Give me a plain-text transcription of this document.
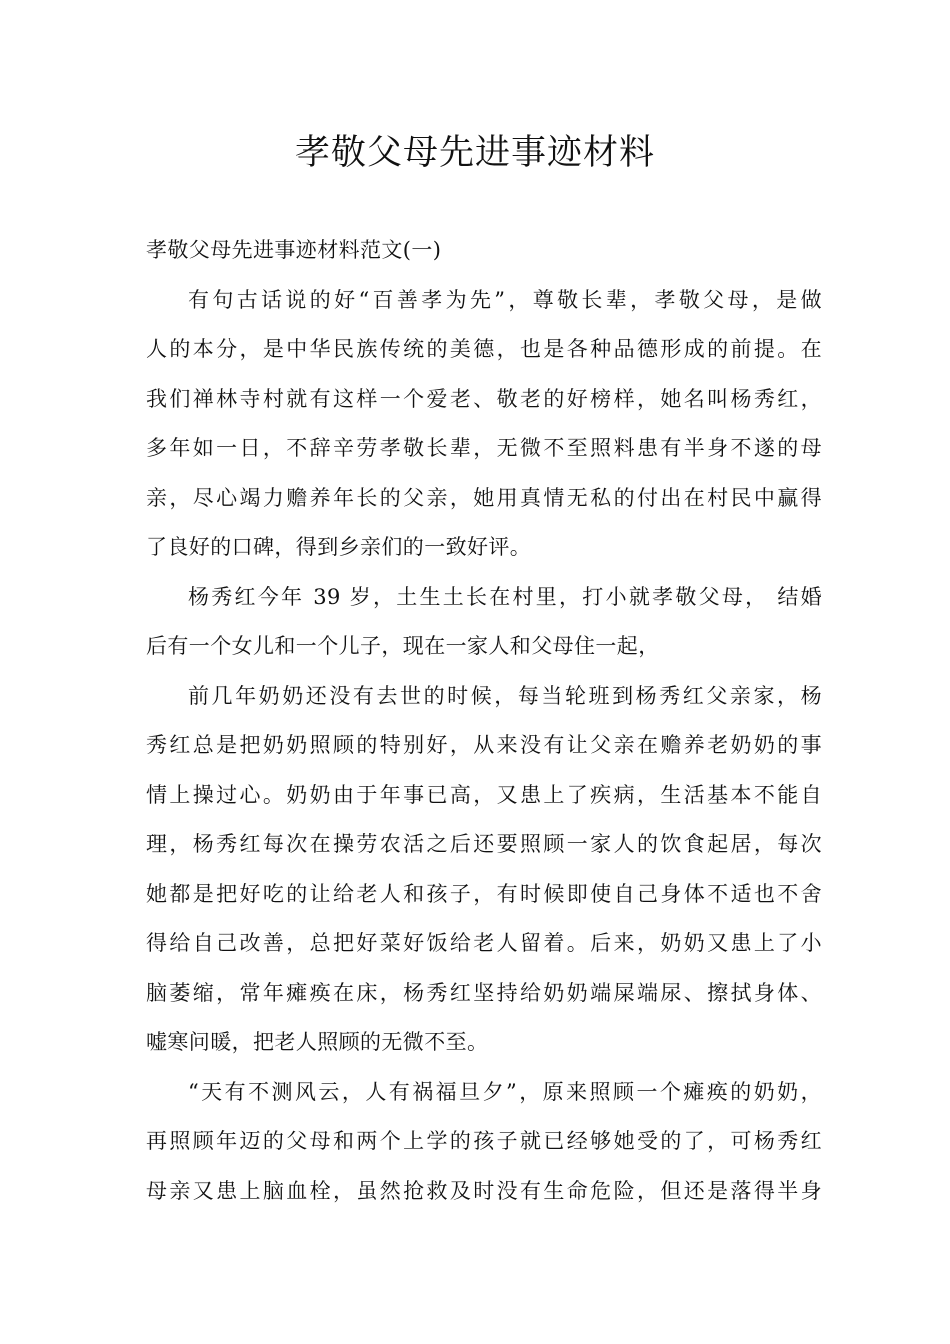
孝敬父母先进事迹材料
孝敬父母先进事迹材料范文(一)
有句古话说的好“百善孝为先”，尊敬长辈，孝敬父母，是做
人的本分，是中华民族传统的美德，也是各种品德形成的前提。在
我们禅林寺村就有这样一个爱老、敬老的好榜样，她名叫杨秀红，
多年如一日，不辞辛劳孝敬长辈，无微不至照料患有半身不遂的母
亲，尽心竭力赡养年长的父亲，她用真情无私的付出在村民中赢得
了良好的口碑，得到乡亲们的一致好评。
杨秀红今年 39 岁，土生土长在村里，打小就孝敬父母， 结婚
后有一个女儿和一个儿子，现在一家人和父母住一起，
前几年奶奶还没有去世的时候，每当轮班到杨秀红父亲家，杨
秀红总是把奶奶照顾的特别好，从来没有让父亲在赡养老奶奶的事
情上操过心。奶奶由于年事已高，又患上了疾病，生活基本不能自
理，杨秀红每次在操劳农活之后还要照顾一家人的饮食起居，每次
她都是把好吃的让给老人和孩子，有时候即使自己身体不适也不舍
得给自己改善，总把好菜好饭给老人留着。后来，奶奶又患上了小
脑萎缩，常年瘫痪在床，杨秀红坚持给奶奶端屎端尿、擦拭身体、
嘘寒问暖，把老人照顾的无微不至。
“天有不测风云，人有祸福旦夕”，原来照顾一个瘫痪的奶奶，
再照顾年迈的父母和两个上学的孩子就已经够她受的了，可杨秀红
母亲又患上脑血栓，虽然抢救及时没有生命危险，但还是落得半身
